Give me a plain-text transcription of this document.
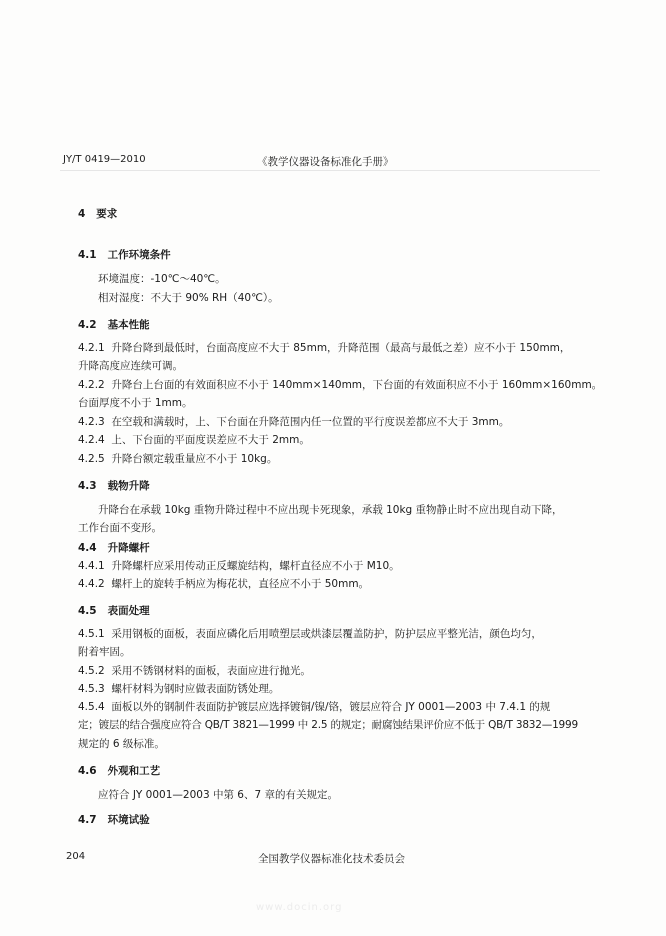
JY/T 0419—2010	《教学仪器设备标准化手册》
4 要求
4.1 工作环境条件
环境温度：-10℃～40℃。
相对湿度：不大于 90% RH（40℃）。
4.2 基本性能
4.2.1 升降台降到最低时，台面高度应不大于 85mm，升降范围（最高与最低之差）应不小于 150mm，
升降高度应连续可调。
4.2.2 升降台上台面的有效面积应不小于 140mm×140mm，下台面的有效面积应不小于 160mm×160mm。
台面厚度不小于 1mm。
4.2.3 在空载和满载时，上、下台面在升降范围内任一位置的平行度误差都应不大于 3mm。
4.2.4 上、下台面的平面度误差应不大于 2mm。
4.2.5 升降台额定载重量应不小于 10kg。
4.3 载物升降
升降台在承载 10kg 重物升降过程中不应出现卡死现象，承载 10kg 重物静止时不应出现自动下降，
工作台面不变形。
4.4 升降螺杆
4.4.1 升降螺杆应采用传动正反螺旋结构，螺杆直径应不小于 M10。
4.4.2 螺杆上的旋转手柄应为梅花状，直径应不小于 50mm。
4.5 表面处理
4.5.1 采用钢板的面板，表面应磷化后用喷塑层或烘漆层覆盖防护，防护层应平整光洁，颜色均匀，
附着牢固。
4.5.2 采用不锈钢材料的面板，表面应进行抛光。
4.5.3 螺杆材料为钢时应做表面防锈处理。
4.5.4 面板以外的钢制件表面防护镀层应选择镀铜/镍/铬，镀层应符合 JY 0001—2003 中 7.4.1 的规
定；镀层的结合强度应符合 QB/T 3821—1999 中 2.5 的规定；耐腐蚀结果评价应不低于 QB/T 3832—1999
规定的 6 级标准。
4.6 外观和工艺
应符合 JY 0001—2003 中第 6、7 章的有关规定。
4.7 环境试验
204	全国教学仪器标准化技术委员会
www.docin.org
